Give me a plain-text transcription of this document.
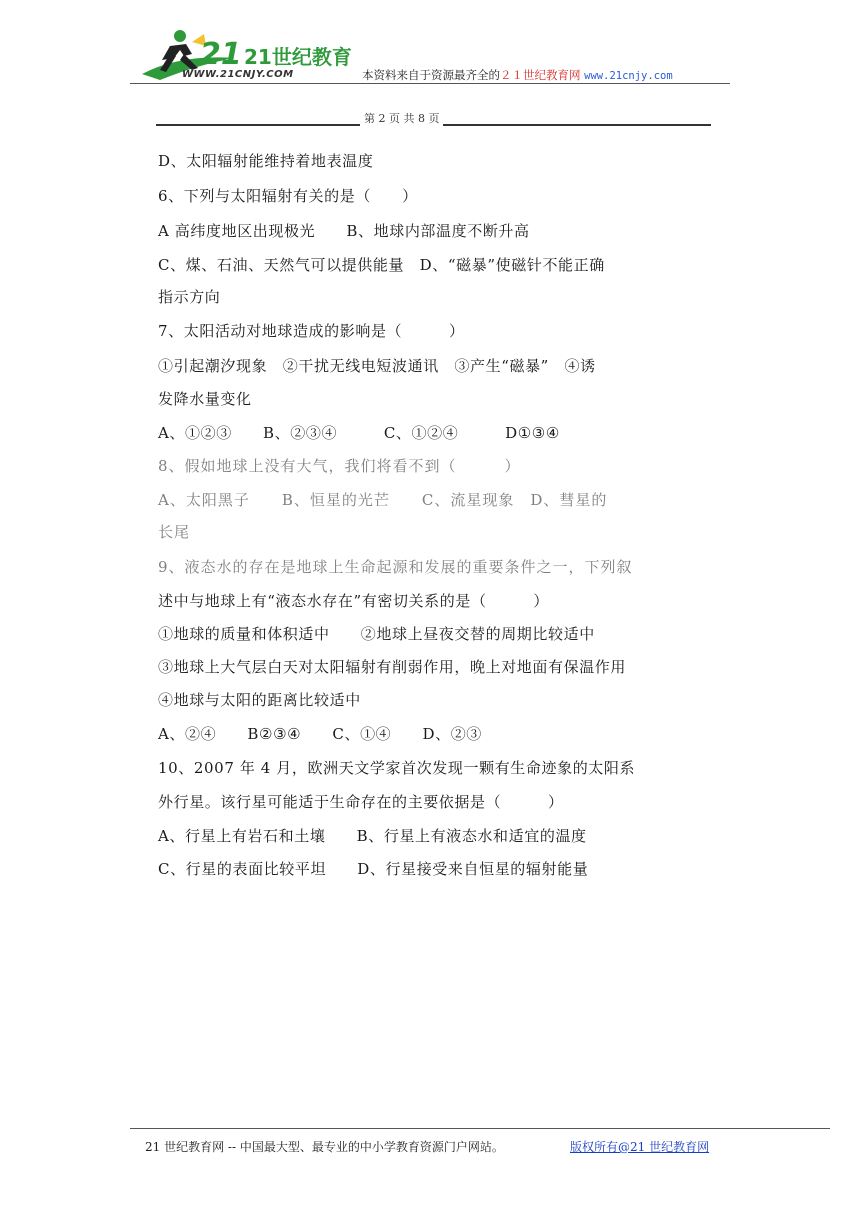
21 21世纪教育
WWW.21CNJY.COM	本资料来自于资源最齐全的２１世纪教育网 www.21cnjy.com
第 2 页 共 8 页
D、太阳辐射能维持着地表温度
6、下列与太阳辐射有关的是（　　）
A 高纬度地区出现极光　　B、地球内部温度不断升高
C、煤、石油、天然气可以提供能量　D、“磁暴”使磁针不能正确
指示方向
7、太阳活动对地球造成的影响是（　　　）
①引起潮汐现象　②干扰无线电短波通讯　③产生“磁暴”　④诱
发降水量变化
A、①②③　　B、②③④　　　C、①②④　　　D①③④
8、假如地球上没有大气，我们将看不到（　　　）
A、太阳黑子　　B、恒星的光芒　　C、流星现象　D、彗星的
长尾
9、液态水的存在是地球上生命起源和发展的重要条件之一，下列叙
述中与地球上有“液态水存在”有密切关系的是（　　　）
①地球的质量和体积适中　　②地球上昼夜交替的周期比较适中
③地球上大气层白天对太阳辐射有削弱作用，晚上对地面有保温作用
④地球与太阳的距离比较适中
A、②④　　B②③④　　C、①④　　D、②③
10、2007 年 4 月，欧洲天文学家首次发现一颗有生命迹象的太阳系
外行星。该行星可能适于生命存在的主要依据是（　　　）
A、行星上有岩石和土壤　　B、行星上有液态水和适宜的温度
C、行星的表面比较平坦　　D、行星接受来自恒星的辐射能量
21 世纪教育网 -- 中国最大型、最专业的中小学教育资源门户网站。	版权所有@21 世纪教育网
